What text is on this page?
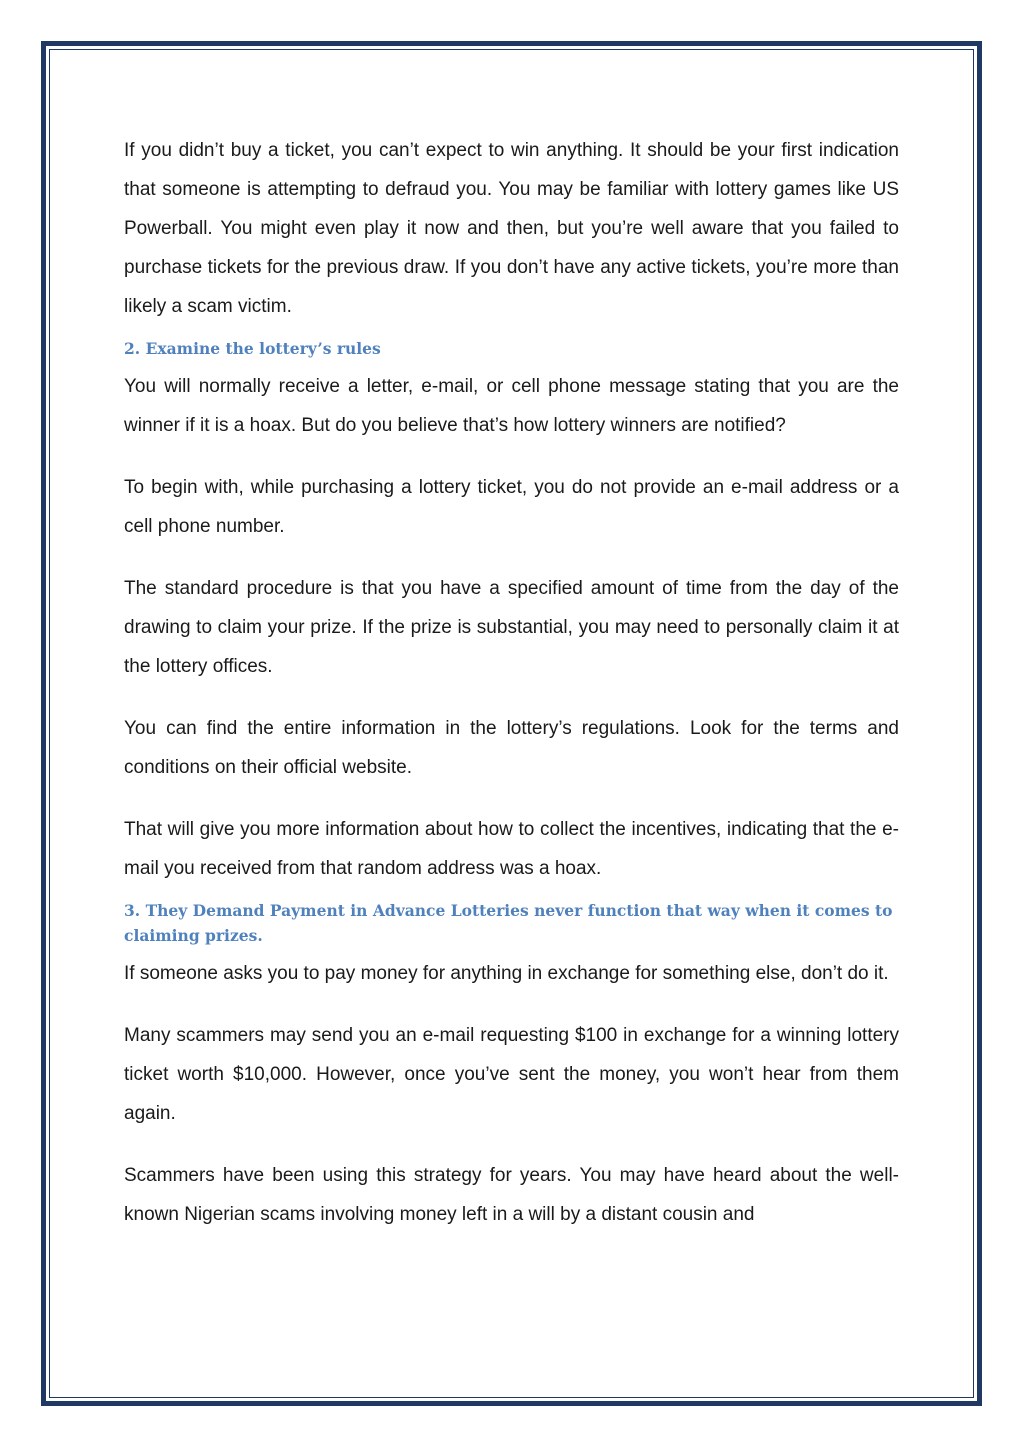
If you didn’t buy a ticket, you can’t expect to win anything. It should be your first indication that someone is attempting to defraud you. You may be familiar with lottery games like US Powerball. You might even play it now and then, but you’re well aware that you failed to purchase tickets for the previous draw. If you don’t have any active tickets, you’re more than likely a scam victim.

2. Examine the lottery’s rules

You will normally receive a letter, e-mail, or cell phone message stating that you are the winner if it is a hoax. But do you believe that’s how lottery winners are notified?

To begin with, while purchasing a lottery ticket, you do not provide an e-mail address or a cell phone number.

The standard procedure is that you have a specified amount of time from the day of the drawing to claim your prize. If the prize is substantial, you may need to personally claim it at the lottery offices.

You can find the entire information in the lottery’s regulations. Look for the terms and conditions on their official website.

That will give you more information about how to collect the incentives, indicating that the e-mail you received from that random address was a hoax.

3. They Demand Payment in Advance Lotteries never function that way when it comes to claiming prizes.

If someone asks you to pay money for anything in exchange for something else, don’t do it.

Many scammers may send you an e-mail requesting $100 in exchange for a winning lottery ticket worth $10,000. However, once you’ve sent the money, you won’t hear from them again.

Scammers have been using this strategy for years. You may have heard about the well-known Nigerian scams involving money left in a will by a distant cousin and
